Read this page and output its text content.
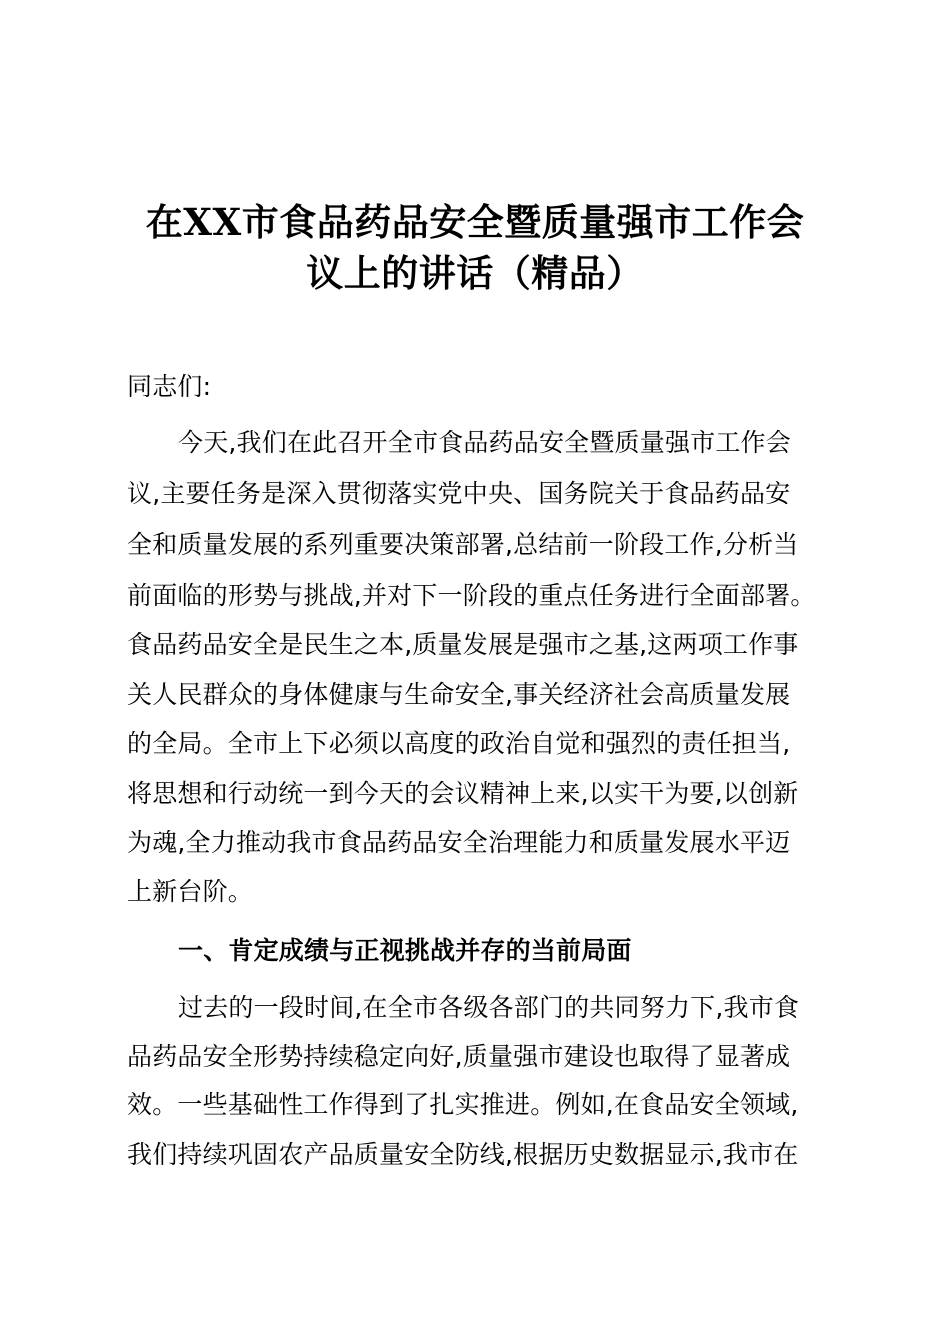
在XX市食品药品安全暨质量强市工作会
议上的讲话（精品）
同志们:
今天,我们在此召开全市食品药品安全暨质量强市工作会
议,主要任务是深入贯彻落实党中央、国务院关于食品药品安
全和质量发展的系列重要决策部署,总结前一阶段工作,分析当
前面临的形势与挑战,并对下一阶段的重点任务进行全面部署。
食品药品安全是民生之本,质量发展是强市之基,这两项工作事
关人民群众的身体健康与生命安全,事关经济社会高质量发展
的全局。全市上下必须以高度的政治自觉和强烈的责任担当,
将思想和行动统一到今天的会议精神上来,以实干为要,以创新
为魂,全力推动我市食品药品安全治理能力和质量发展水平迈
上新台阶。
一、肯定成绩与正视挑战并存的当前局面
过去的一段时间,在全市各级各部门的共同努力下,我市食
品药品安全形势持续稳定向好,质量强市建设也取得了显著成
效。一些基础性工作得到了扎实推进。例如,在食品安全领域,
我们持续巩固农产品质量安全防线,根据历史数据显示,我市在
